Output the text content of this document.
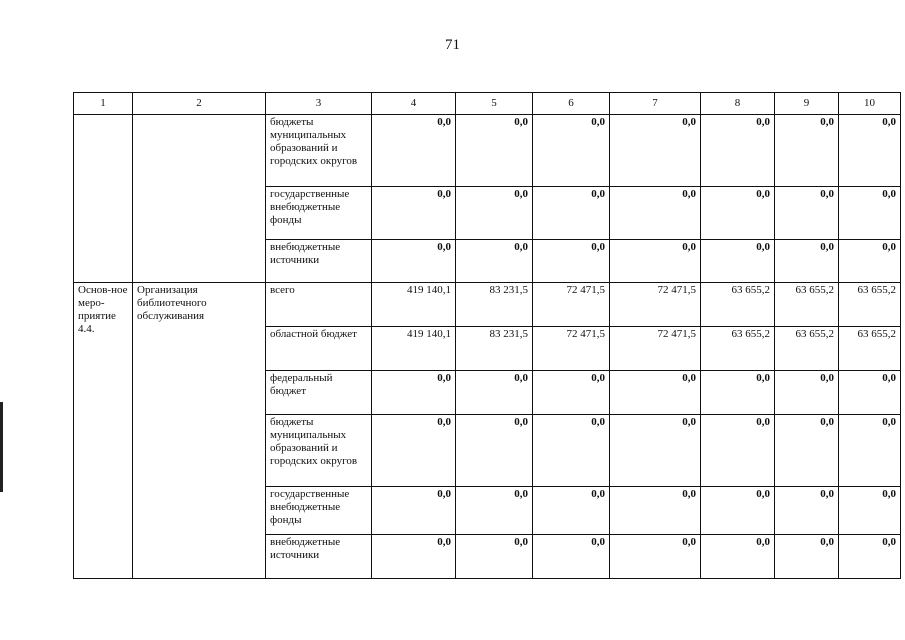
71
1	2	3	4	5	6	7	8	9	10
		бюджеты муниципальных образований и городских округов	0,0	0,0	0,0	0,0	0,0	0,0	0,0
		государственные внебюджетные фонды	0,0	0,0	0,0	0,0	0,0	0,0	0,0
		внебюджетные источники	0,0	0,0	0,0	0,0	0,0	0,0	0,0
Основ-ное меро-приятие 4.4.	Организация библиотечного обслуживания	всего	419 140,1	83 231,5	72 471,5	72 471,5	63 655,2	63 655,2	63 655,2
		областной бюджет	419 140,1	83 231,5	72 471,5	72 471,5	63 655,2	63 655,2	63 655,2
		федеральный бюджет	0,0	0,0	0,0	0,0	0,0	0,0	0,0
		бюджеты муниципальных образований и городских округов	0,0	0,0	0,0	0,0	0,0	0,0	0,0
		государственные внебюджетные фонды	0,0	0,0	0,0	0,0	0,0	0,0	0,0
		внебюджетные источники	0,0	0,0	0,0	0,0	0,0	0,0	0,0
